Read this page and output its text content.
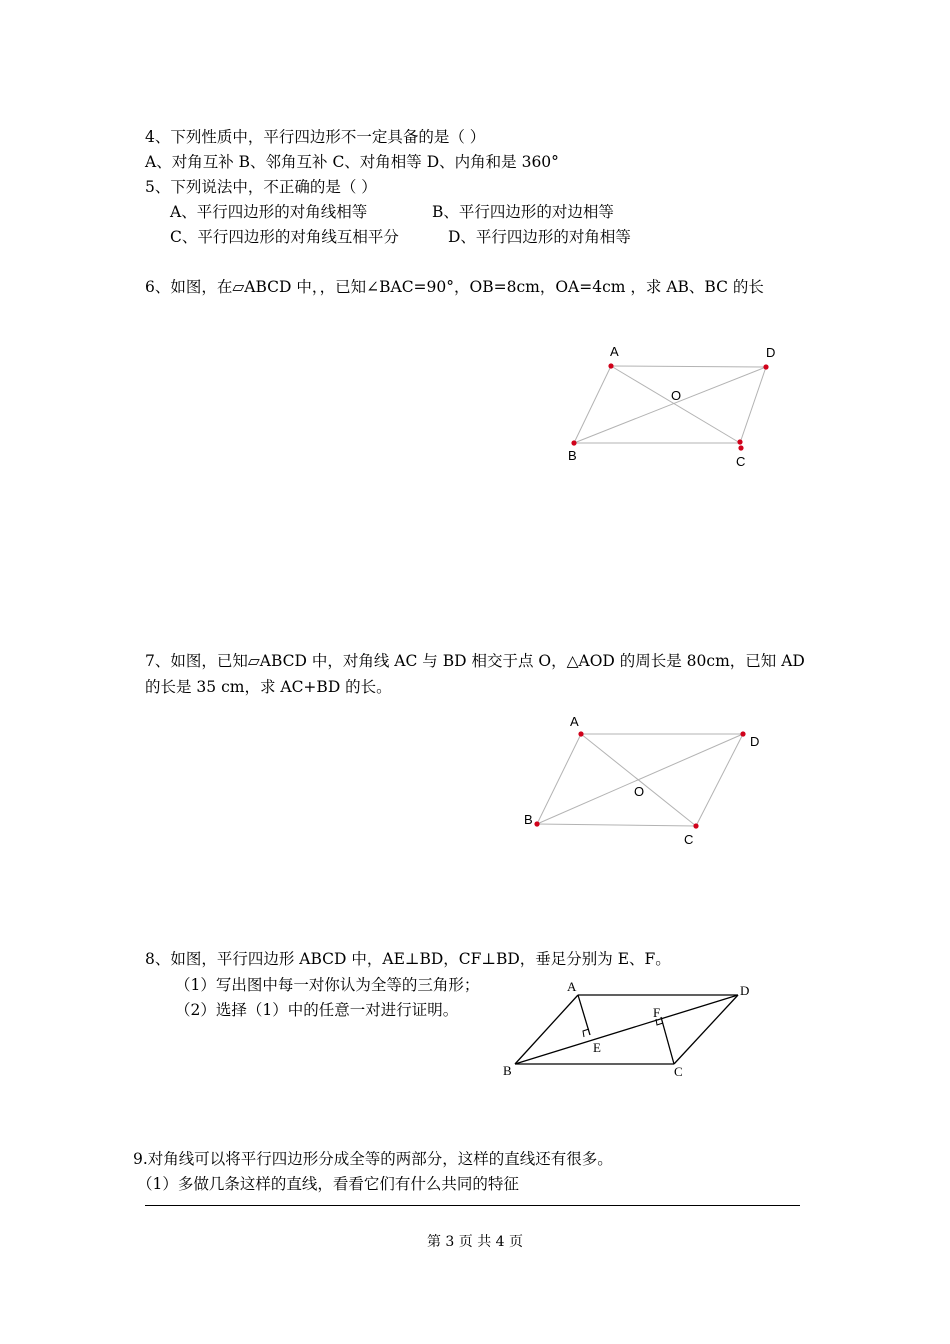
4、下列性质中，平行四边形不一定具备的是（ ）
A、对角互补 B、邻角互补 C、对角相等 D、内角和是 360°
5、下列说法中，不正确的是（ ）
A、平行四边形的对角线相等	B、平行四边形的对边相等
C、平行四边形的对角线互相平分	D、平行四边形的对角相等
6、如图，在▱ABCD 中，，已知∠BAC=90°，OB=8cm，OA=4cm ，求 AB、BC 的长
A	D
O
B	C
7、如图，已知▱ABCD 中，对角线 AC 与 BD 相交于点 O，△AOD 的周长是 80cm，已知 AD
的长是 35 cm，求 AC+BD 的长。
A
D
O
B
C
8、如图，平行四边形 ABCD 中，AE⊥BD，CF⊥BD，垂足分别为 E、F。
（1）写出图中每一对你认为全等的三角形；
（2）选择（1）中的任意一对进行证明。
A	D
F
E
B	C
9.对角线可以将平行四边形分成全等的两部分，这样的直线还有很多。
（1）多做几条这样的直线，看看它们有什么共同的特征
第 3 页 共 4 页
